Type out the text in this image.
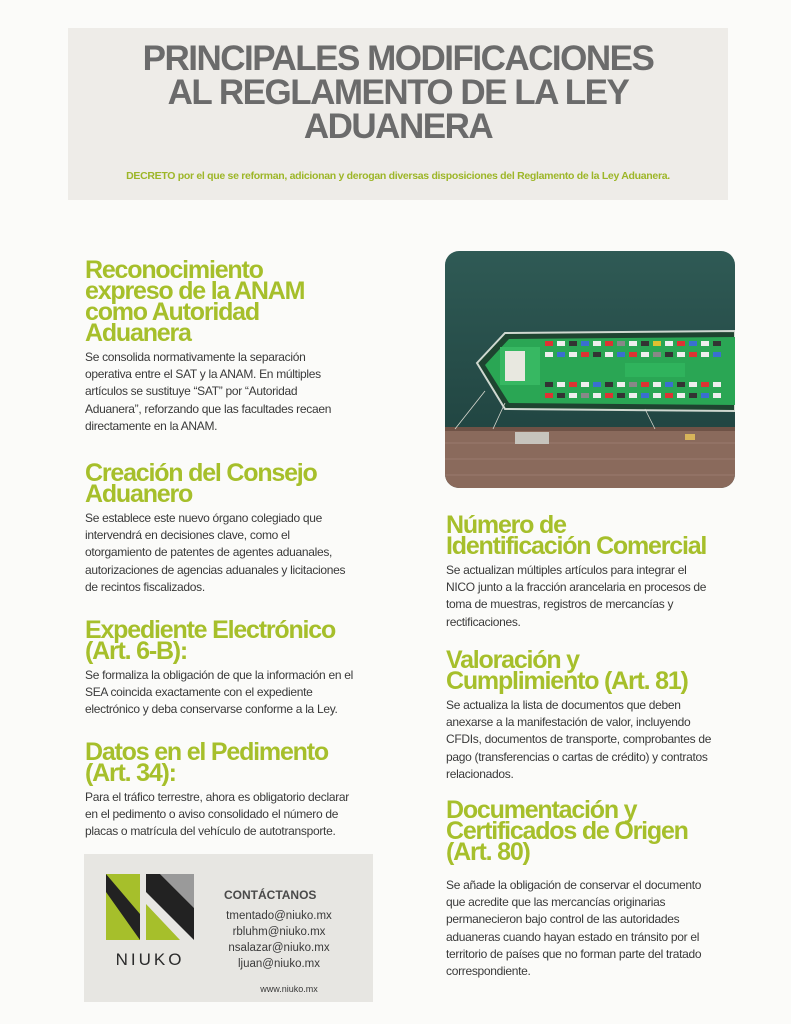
PRINCIPALES MODIFICACIONES
AL REGLAMENTO DE LA LEY
ADUANERA
DECRETO por el que se reforman, adicionan y derogan diversas disposiciones del Reglamento de la Ley Aduanera.
Reconocimiento
expreso de la ANAM
como Autoridad
Aduanera

Se consolida normativamente la separación
operativa entre el SAT y la ANAM. En múltiples
artículos se sustituye “SAT” por “Autoridad
Aduanera”, reforzando que las facultades recaen
directamente en la ANAM.

Creación del Consejo
Aduanero

Se establece este nuevo órgano colegiado que
intervendrá en decisiones clave, como el
otorgamiento de patentes de agentes aduanales,
autorizaciones de agencias aduanales y licitaciones
de recintos fiscalizados.

Expediente Electrónico
(Art. 6-B):

Se formaliza la obligación de que la información en el
SEA coincida exactamente con el expediente
electrónico y deba conservarse conforme a la Ley.

Datos en el Pedimento
(Art. 34):

Para el tráfico terrestre, ahora es obligatorio declarar
en el pedimento o aviso consolidado el número de
placas o matrícula del vehículo de autotransporte.

Número de
Identificación Comercial

Se actualizan múltiples artículos para integrar el
NICO junto a la fracción arancelaria en procesos de
toma de muestras, registros de mercancías y
rectificaciones.

Valoración y
Cumplimiento (Art. 81)

Se actualiza la lista de documentos que deben
anexarse a la manifestación de valor, incluyendo
CFDIs, documentos de transporte, comprobantes de
pago (transferencias o cartas de crédito) y contratos
relacionados.

Documentación y
Certificados de Origen
(Art. 80)

Se añade la obligación de conservar el documento
que acredite que las mercancías originarias
permanecieron bajo control de las autoridades
aduaneras cuando hayan estado en tránsito por el
territorio de países que no forman parte del tratado
correspondiente.

NIUKO
CONTÁCTANOS
tmentado@niuko.mx
rbluhm@niuko.mx
nsalazar@niuko.mx
ljuan@niuko.mx
www.niuko.mx
